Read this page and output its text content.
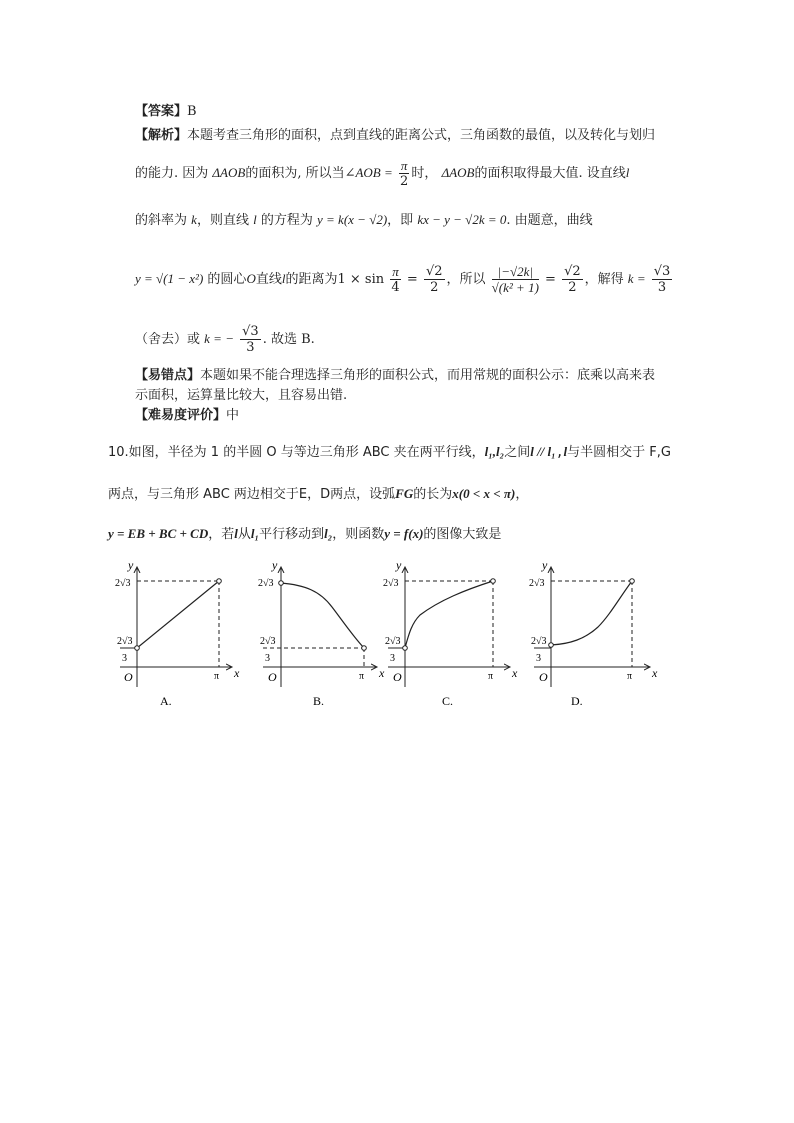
【答案】B
【解析】本题考查三角形的面积，点到直线的距离公式，三角函数的最值，以及转化与划归
的能力. 因为 ΔAOB的面积为, 所以当∠AOB = $\frac{\pi}{2}$ 时， ΔAOB的面积取得最大值. 设直线l
的斜率为 k，则直线 l 的方程为 y = k(x − √2)，即 kx − y − √2k = 0. 由题意，曲线
y = √(1 − x²) 的圆心O直线l的距离为$1 \times \sin \frac{\pi}{4} = \frac{√2}{2}$ ，所以 $\frac{|-√2k|}{\text{√(k² + 1)}} = \frac{√2}{2}$ ，解得 $k = \frac{√3}{3}$
（舍去）或 k = − $\frac{√3}{3}$ . 故选 B.
【易错点】本题如果不能合理选择三角形的面积公式，而用常规的面积公示：底乘以高来表
示面积，运算量比较大，且容易出错.
【难易度评价】中
10.如图，半径为 1 的半圆 O 与等边三角形 ABC 夹在两平行线，l₁,l₂之间l // l₁,l与半圆相交于 F,G
两点，与三角形 ABC 两边相交于E，D两点，设弧FG的长为x(0 < x < π)，
y = EB + BC + CD，若l从l₁平行移动到l₂，则函数y = f(x)的图像大致是
y
x
2√3
2√3
3
O	π
A.
y
x
2√3
2√3
3
O	π
B.
y
x
2√3
2√3
3
O	π
C.
y
x
2√3
2√3
3
O	π
D.
